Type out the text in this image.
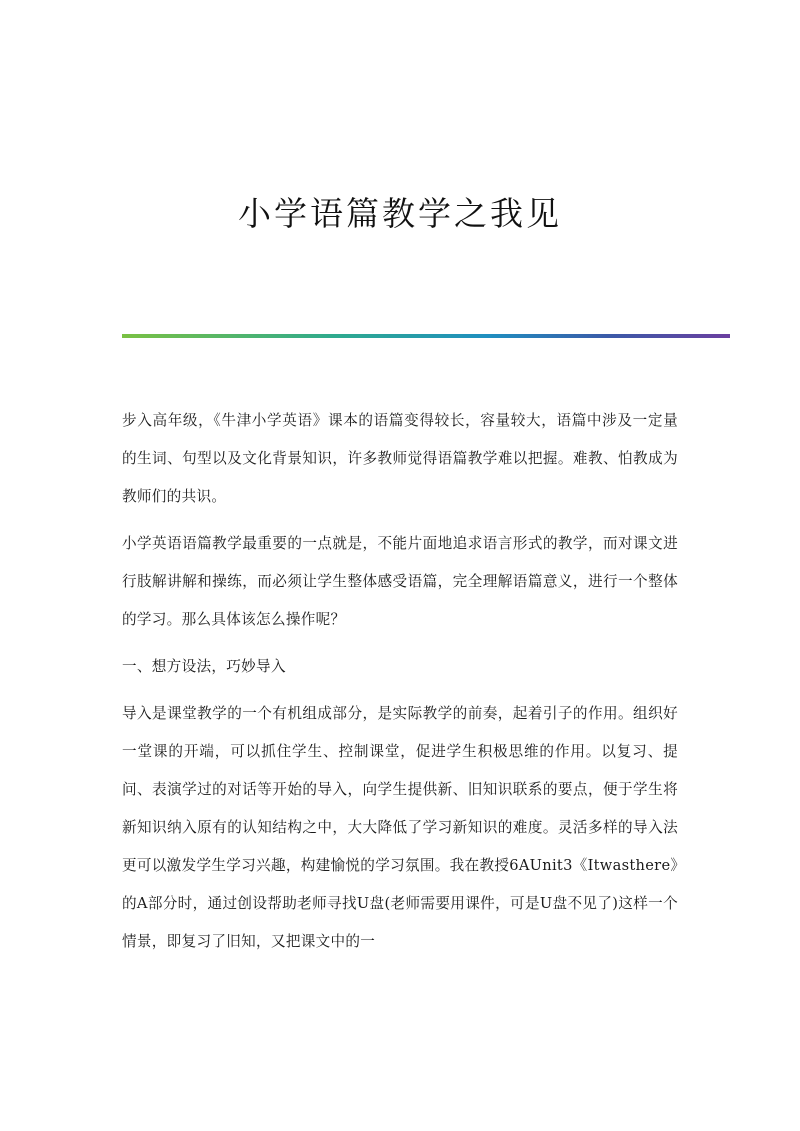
小学语篇教学之我见

步入高年级，《牛津小学英语》课本的语篇变得较长，容量较大，语篇中涉及一定量的生词、句型以及文化背景知识，许多教师觉得语篇教学难以把握。难教、怕教成为教师们的共识。

小学英语语篇教学最重要的一点就是，不能片面地追求语言形式的教学，而对课文进行肢解讲解和操练，而必须让学生整体感受语篇，完全理解语篇意义，进行一个整体的学习。那么具体该怎么操作呢？

一、想方设法，巧妙导入

导入是课堂教学的一个有机组成部分，是实际教学的前奏，起着引子的作用。组织好一堂课的开端，可以抓住学生、控制课堂，促进学生积极思维的作用。以复习、提问、表演学过的对话等开始的导入，向学生提供新、旧知识联系的要点，便于学生将新知识纳入原有的认知结构之中，大大降低了学习新知识的难度。灵活多样的导入法更可以激发学生学习兴趣，构建愉悦的学习氛围。我在教授6AUnit3《Itwasthere》的A部分时，通过创设帮助老师寻找U盘(老师需要用课件，可是U盘不见了)这样一个情景，即复习了旧知，又把课文中的一
